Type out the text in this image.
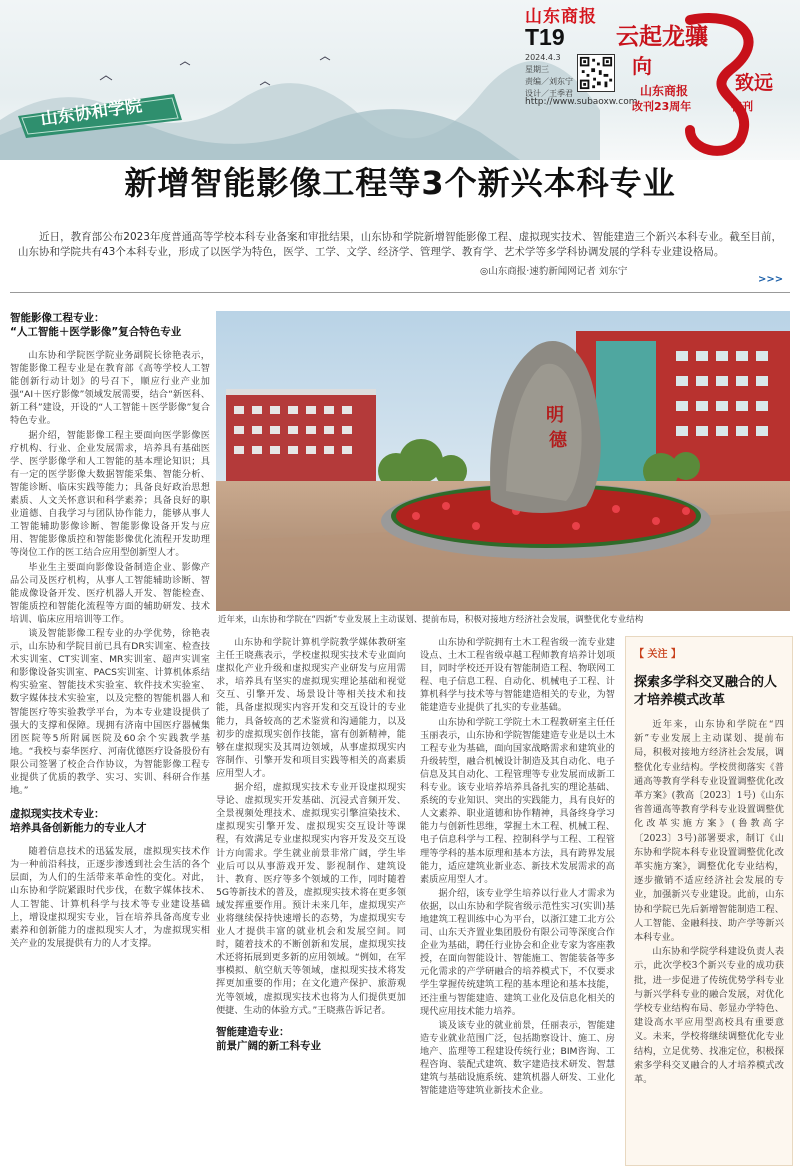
山东商报
T19
2024.4.3
星期三
责编／刘东宁
设计／王季君
http://www.subaoxw.com
云起龙骧
向
致远
山东商报
改刊23周年	特刊
山东协和学院
新增智能影像工程等3个新兴本科专业
近日，教育部公布2023年度普通高等学校本科专业备案和审批结果，山东协和学院新增智能影像工程、虚拟现实技术、智能建造三个新兴本科专业。截至目前，山东协和学院共有43个本科专业，形成了以医学为特色，医学、工学、文学、经济学、管理学、教育学、艺术学等多学科协调发展的学科专业建设格局。
◎山东商报·速豹新闻网记者 刘东宁
>>>
智能影像工程专业：
“人工智能＋医学影像”复合特色专业

山东协和学院医学院业务副院长徐艳表示，智能影像工程专业是在教育部《高等学校人工智能创新行动计划》的号召下，顺应行业产业加强“AI＋医疗影像”领域发展需要，结合“新医科、新工科”建设，开设的“人工智能＋医学影像”复合特色专业。

据介绍，智能影像工程主要面向医学影像医疗机构、行业、企业发展需求，培养具有基础医学、医学影像学和人工智能的基本理论知识；具有一定的医学影像大数据智能采集、智能分析、智能诊断、临床实践等能力；具备良好政治思想素质、人文关怀意识和科学素养；具备良好的职业道德、自我学习与团队协作能力，能够从事人工智能辅助影像诊断、智能影像设备开发与应用、智能影像质控和智能影像优化流程开发助理等岗位工作的医工结合应用型创新型人才。

毕业生主要面向影像设备制造企业、影像产品公司及医疗机构，从事人工智能辅助诊断、智能成像设备开发、医疗机器人开发、智能检查、智能质控和智能化流程等方面的辅助研发、技术培训、临床应用培训等工作。

谈及智能影像工程专业的办学优势，徐艳表示，山东协和学院目前已具有DR实训室、检查技术实训室、CT实训室、MR实训室、超声实训室和影像设备实训室、PACS实训室、计算机体系结构实验室、智能技术实验室、软件技术实验室、数字媒体技术实验室，以及完整的智能机器人和智能医疗等实验教学平台，为本专业建设提供了强大的支撑和保障。现拥有济南中国医疗器械集团医院等5所附属医院及60余个实践教学基地。“我校与泰华医疗、河南优德医疗设备股份有限公司签署了校企合作协议，为智能影像工程专业提供了优质的教学、实习、实训、科研合作基地。”

虚拟现实技术专业：
培养具备创新能力的专业人才

随着信息技术的迅猛发展，虚拟现实技术作为一种前沿科技，正逐步渗透到社会生活的各个层面，为人们的生活带来革命性的变化。对此，山东协和学院紧跟时代步伐，在数字媒体技术、人工智能、计算机科学与技术等专业建设基础上，增设虚拟现实专业，旨在培养具备高度专业素养和创新能力的虚拟现实人才，为虚拟现实相关产业的发展提供有力的人才支撑。

明
德
近年来，山东协和学院在“四新”专业发展上主动谋划、提前布局，积极对接地方经济社会发展，调整优化专业结构

山东协和学院计算机学院教学媒体教研室主任王晓燕表示，学校虚拟现实技术专业面向虚拟化产业升级和虚拟现实产业研发与应用需求，培养具有坚实的虚拟现实理论基础和视觉交互、引擎开发、场景设计等相关技术和技能，具备虚拟现实内容开发和交互设计的专业能力，具备较高的艺术鉴赏和沟通能力，以及初步的虚拟现实创作技能，富有创新精神，能够在虚拟现实及其周边领域，从事虚拟现实内容制作、引擎开发和项目实践等相关的高素质应用型人才。

据介绍，虚拟现实技术专业开设虚拟现实导论、虚拟现实开发基础、沉浸式音频开发、全景视频处理技术、虚拟现实引擎渲染技术、虚拟现实引擎开发、虚拟现实交互设计等课程，有效满足专业虚拟现实内容开发及交互设计方向需求。学生就业前景非常广阔，学生毕业后可以从事游戏开发、影视制作、建筑设计、教育、医疗等多个领域的工作，同时随着5G等新技术的普及，虚拟现实技术将在更多领域发挥重要作用。预计未来几年，虚拟现实产业将继续保持快速增长的态势，为虚拟现实专业人才提供丰富的就业机会和发展空间。同时，随着技术的不断创新和发展，虚拟现实技术还将拓展到更多新的应用领域。“例如，在军事模拟、航空航天等领域，虚拟现实技术将发挥更加重要的作用；在文化遗产保护、旅游观光等领域，虚拟现实技术也将为人们提供更加便捷、生动的体验方式。”王晓燕告诉记者。

智能建造专业：
前景广阔的新工科专业

山东协和学院拥有土木工程省级一流专业建设点、土木工程省级卓越工程师教育培养计划项目，同时学校还开设有智能制造工程、物联网工程、电子信息工程、自动化、机械电子工程、计算机科学与技术等与智能建造相关的专业，为智能建造专业提供了扎实的专业基础。

山东协和学院工学院土木工程教研室主任任玉丽表示，山东协和学院智能建造专业是以土木工程专业为基础，面向国家战略需求和建筑业的升级转型，融合机械设计制造及其自动化、电子信息及其自动化、工程管理等专业发展而成新工科专业。该专业培养培养具备扎实的理论基础、系统的专业知识、突出的实践能力，具有良好的人文素养、职业道德和协作精神，具备终身学习能力与创新性思维，掌握土木工程、机械工程、电子信息科学与工程、控制科学与工程、工程管理等学科的基本原理和基本方法，具有跨界发展能力，适应建筑业新业态、新技术发展需求的高素质应用型人才。

据介绍，该专业学生培养以行业人才需求为依据，以山东协和学院省级示范性实习(实训)基地建筑工程训练中心为平台，以浙江建工北方公司、山东天齐置业集团股份有限公司等深度合作企业为基础，聘任行业协会和企业专家为客座教授，在面向智能设计、智能施工、智能装备等多元化需求的产学研融合的培养模式下，不仅要求学生掌握传统建筑工程的基本理论和基本技能，还注重与智能建造、建筑工业化及信息化相关的现代应用技术能力培养。

谈及该专业的就业前景，任丽表示，智能建造专业就业范围广泛，包括勘察设计、施工、房地产、监理等工程建设传统行业；BIM咨询、工程咨询、装配式建筑、数字建造技术研发、智慧建筑与基础设施系统、建筑机器人研发、工业化智能建造等建筑业新技术企业。

【 关注 】
探索多学科交叉融合的人才培养模式改革

近年来，山东协和学院在“四新”专业发展上主动谋划、提前布局，积极对接地方经济社会发展，调整优化专业结构。学校贯彻落实《普通高等教育学科专业设置调整优化改革方案》(教高〔2023〕1号)《山东省普通高等教育学科专业设置调整优化改革实施方案》(鲁教高字〔2023〕3号)部署要求，制订《山东协和学院本科专业设置调整优化改革实施方案》，调整优化专业结构，逐步撤销不适应经济社会发展的专业，加强新兴专业建设。此前，山东协和学院已先后新增智能制造工程、人工智能、金融科技、助产学等新兴本科专业。

山东协和学院学科建设负责人表示，此次学校3个新兴专业的成功获批，进一步促进了传统优势学科专业与新兴学科专业的融合发展，对优化学校专业结构布局、彰显办学特色、建设高水平应用型高校具有重要意义。未来，学校将继续调整优化专业结构，立足优势、找准定位，积极探索多学科交叉融合的人才培养模式改革。
